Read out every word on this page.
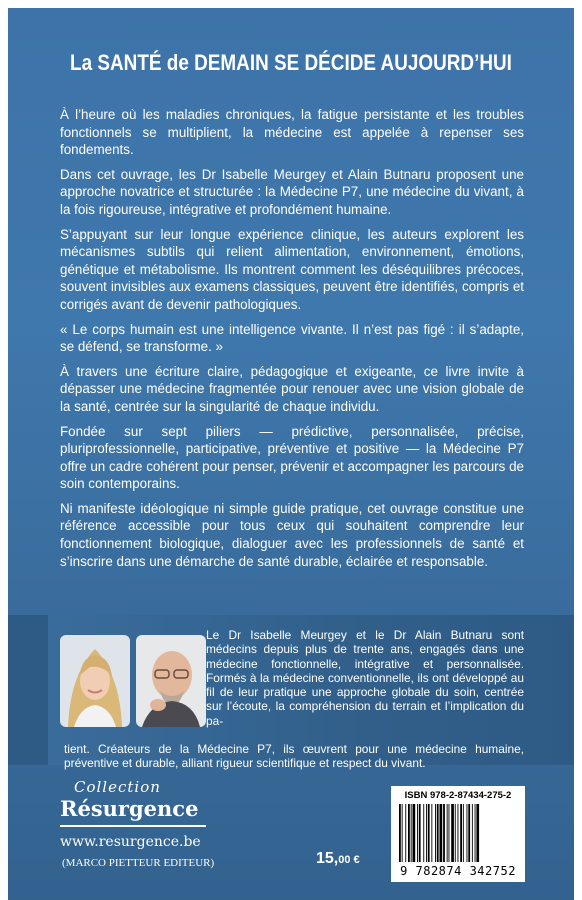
La SANTÉ de DEMAIN SE DÉCIDE AUJOURD’HUI

À l’heure où les maladies chroniques, la fatigue persistante et les troubles fonctionnels se multiplient, la médecine est appelée à repenser ses fondements.

Dans cet ouvrage, les Dr Isabelle Meurgey et Alain Butnaru proposent une approche novatrice et structurée : la Médecine P7, une médecine du vivant, à la fois rigoureuse, intégrative et profondément humaine.

S’appuyant sur leur longue expérience clinique, les auteurs explorent les mécanismes subtils qui relient alimentation, environnement, émotions, génétique et métabolisme. Ils montrent comment les déséquilibres précoces, souvent invisibles aux examens classiques, peuvent être identifiés, compris et corrigés avant de devenir pathologiques.

« Le corps humain est une intelligence vivante. Il n’est pas figé : il s’adapte, se défend, se transforme. »

À travers une écriture claire, pédagogique et exigeante, ce livre invite à dépasser une médecine fragmentée pour renouer avec une vision globale de la santé, centrée sur la singularité de chaque individu.

Fondée sur sept piliers — prédictive, personnalisée, précise, pluriprofessionnelle, participative, préventive et positive — la Médecine P7 offre un cadre cohérent pour penser, prévenir et accompagner les parcours de soin contemporains.

Ni manifeste idéologique ni simple guide pratique, cet ouvrage constitue une référence accessible pour tous ceux qui souhaitent comprendre leur fonctionnement biologique, dialoguer avec les professionnels de santé et s’inscrire dans une démarche de santé durable, éclairée et responsable.

Le Dr Isabelle Meurgey et le Dr Alain Butnaru sont médecins depuis plus de trente ans, engagés dans une médecine fonctionnelle, intégrative et personnalisée. Formés à la médecine conventionnelle, ils ont développé au fil de leur pratique une approche globale du soin, centrée sur l’écoute, la compréhension du terrain et l’implication du pa-
tient. Créateurs de la Médecine P7, ils œuvrent pour une médecine humaine, préventive et durable, alliant rigueur scientifique et respect du vivant.
Collection
Résurgence
www.resurgence.be
(MARCO PIETTEUR EDITEUR)	15,00 €
ISBN 978-2-87434-275-2
9 782874 342752
